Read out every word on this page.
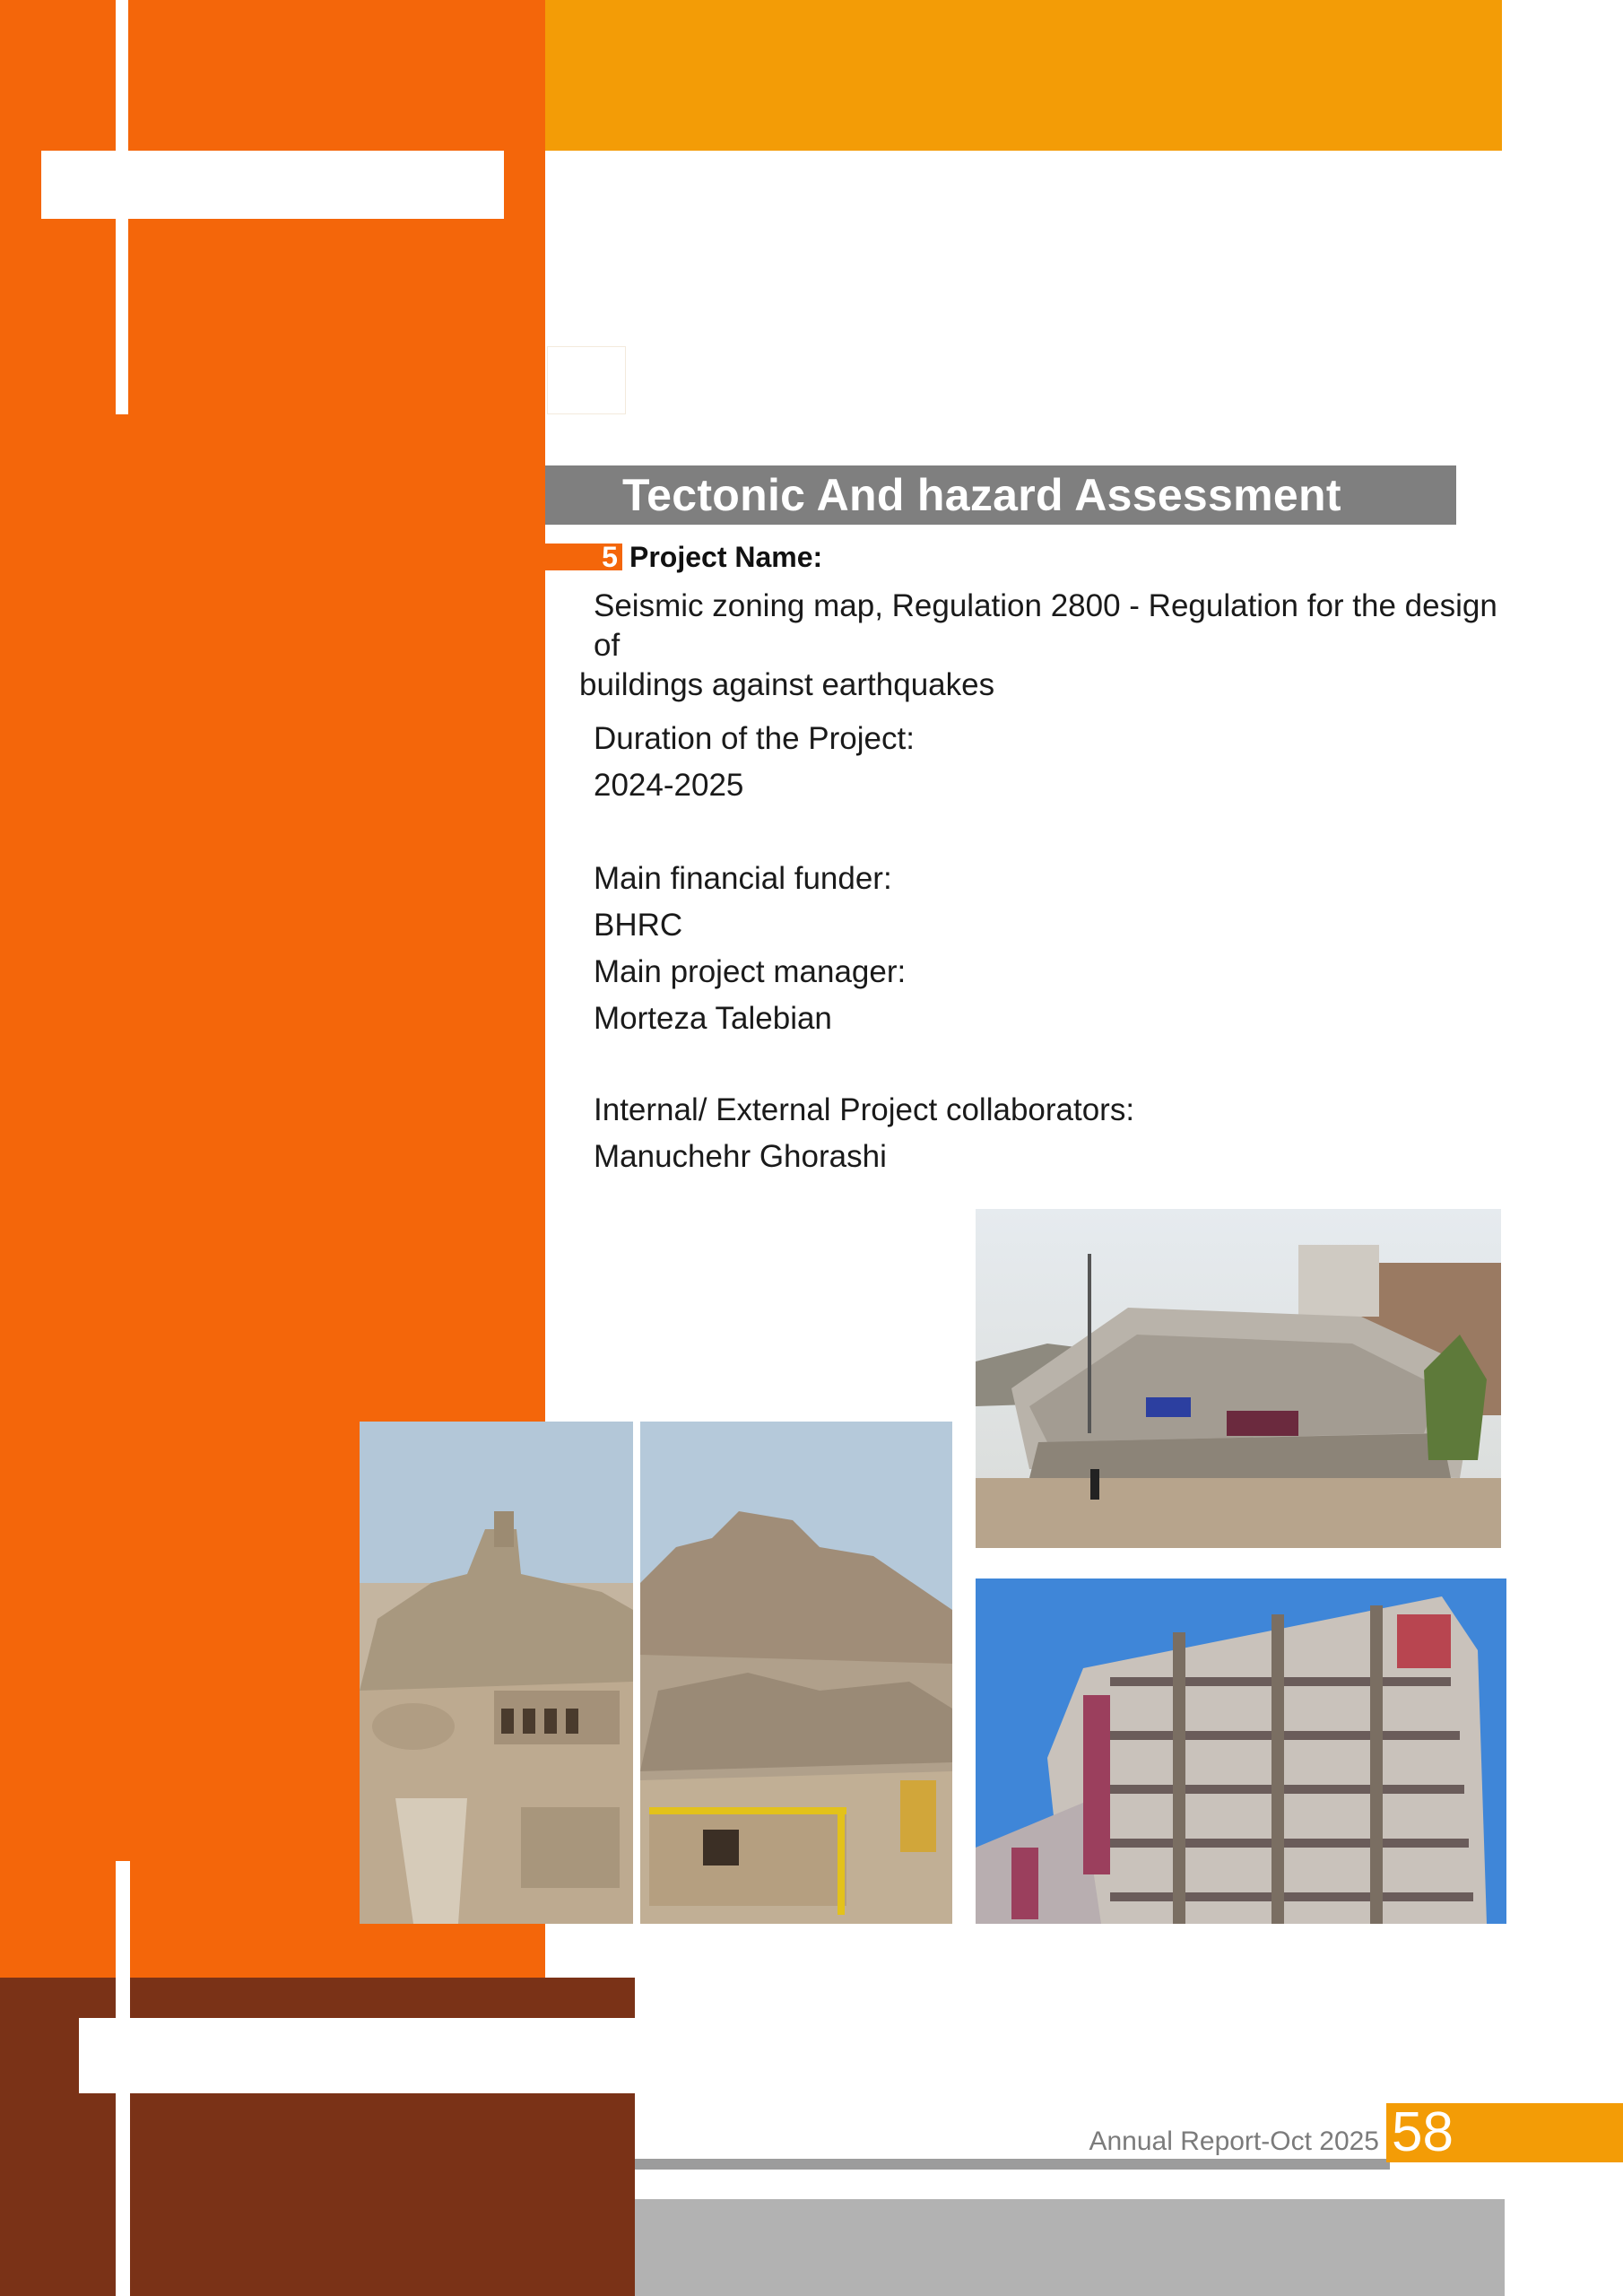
Tectonic And hazard Assessment
5 Project Name:
Seismic zoning map, Regulation 2800 - Regulation for the design of
buildings against earthquakes
Duration of the Project:
2024-2025
Main financial funder:
BHRC
Main project manager:
Morteza Talebian
Internal/ External Project collaborators:
Manuchehr Ghorashi
Annual Report-Oct 2025 58
